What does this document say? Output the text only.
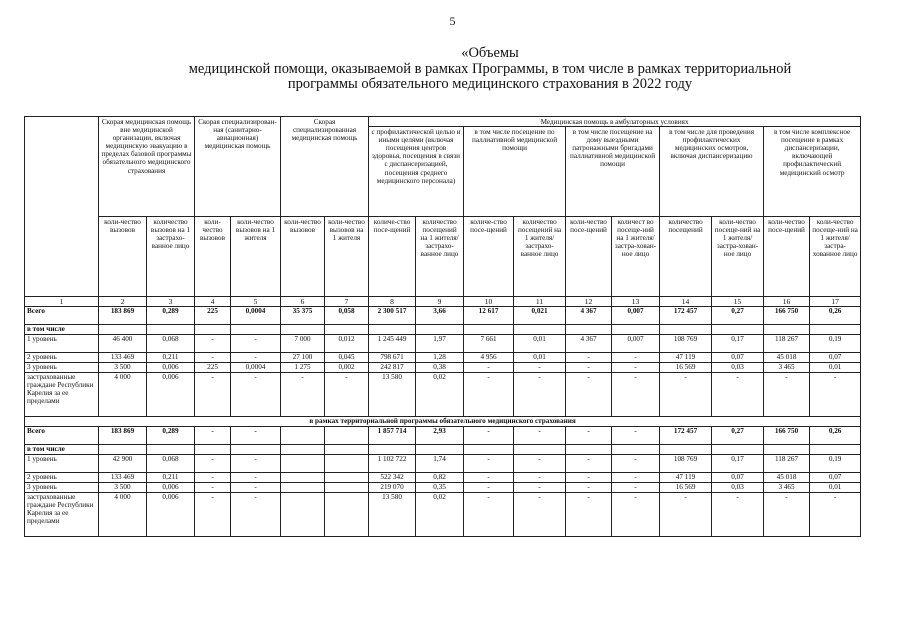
5
«Объемы
медицинской помощи, оказываемой в рамках Программы, в том числе в рамках территориальной
программы обязательного медицинского страхования в 2022 году
	Скорая медицинская помощь вне медицинской организации, включая медицинскую эвакуацию в пределах базовой программы обязательного медицинского страхования		Скорая специализирован-ная (санитарно-авиационная) медицинская помощь		Скорая специализированная медицинская помощь		Медицинская помощь в амбулаторных условиях									
							с профилактической целью и иными целями (включая посещения центров здоровья, посещения в связи с диспансеризацией, посещения среднего медицинского персонала)		в том числе посещение по паллиативной медицинской помощи		в том числе посещение на дому выездными патронажными бригадами паллиативной медицинской помощи		в том числе для проведения профилактических медицинских осмотров, включая диспансеризацию		в том числе комплексное посещение в рамках диспансеризации, включающей профилактический медицинский осмотр	
	коли-чество вызовов	количество вызовов на 1 застрахо-ванное лицо	коли-чество вызовов	коли-чество вызовов на 1 жителя	коли-чество вызовов	коли-чество вызовов на 1 жителя	количе-ство посе-щений	количество посещений на 1 жителя/ застрахо-ванное лицо	количе-ство посе-щений	количество посещений на 1 жителя/ застрахо-ванное лицо	коли-чество посе-щений	количест во посеще-ний на 1 жителя/ застра-хован-ное лицо	количество посещений	коли-чество посеще-ний на 1 жителя/ застра-хован-ное лицо	коли-чество посе-щений	коли-чество посеще-ний на 1 жителя/ застра-хованное лицо
1	2	3	4	5	6	7	8	9	10	11	12	13	14	15	16	17
Всего	183 869	0,289	225	0,0004	35 375	0,058	2 300 517	3,66	12 617	0,021	4 367	0,007	172 457	0,27	166 750	0,26
в том числе																
1 уровень	46 400	0,068	-	-	7 000	0,012	1 245 449	1,97	7 661	0,01	4 367	0,007	108 769	0,17	118 267	0,19
2 уровень	133 469	0,211	-	-	27 100	0,045	798 671	1,28	4 956	0,01	-	-	47 119	0,07	45 018	0,07
3 уровень	3 500	0,006	225	0,0004	1 275	0,002	242 817	0,38	-	-	-	-	16 569	0,03	3 465	0,01
застрахованные граждане Республики Карелия за ее пределами	4 000	0,006	-	-	-	-	13 580	0,02	-	-	-	-	-	-	-	-
в рамках территориальной программы обязательного медицинского страхования																
Всего	183 869	0,289	-	-			1 857 714	2,93	-	-	-	-	172 457	0,27	166 750	0,26
в том числе																
1 уровень	42 900	0,068	-	-			1 102 722	1,74	-	-	-	-	108 769	0,17	118 267	0,19
2 уровень	133 469	0,211	-	-			522 342	0,82	-	-	-	-	47 119	0,07	45 018	0,07
3 уровень	3 500	0,006	-	-			219 070	0,35	-	-	-	-	16 569	0,03	3 465	0,01
застрахованные граждане Республики Карелия за ее пределами	4 000	0,006	-	-			13 580	0,02	-	-	-	-	-	-	-	-
